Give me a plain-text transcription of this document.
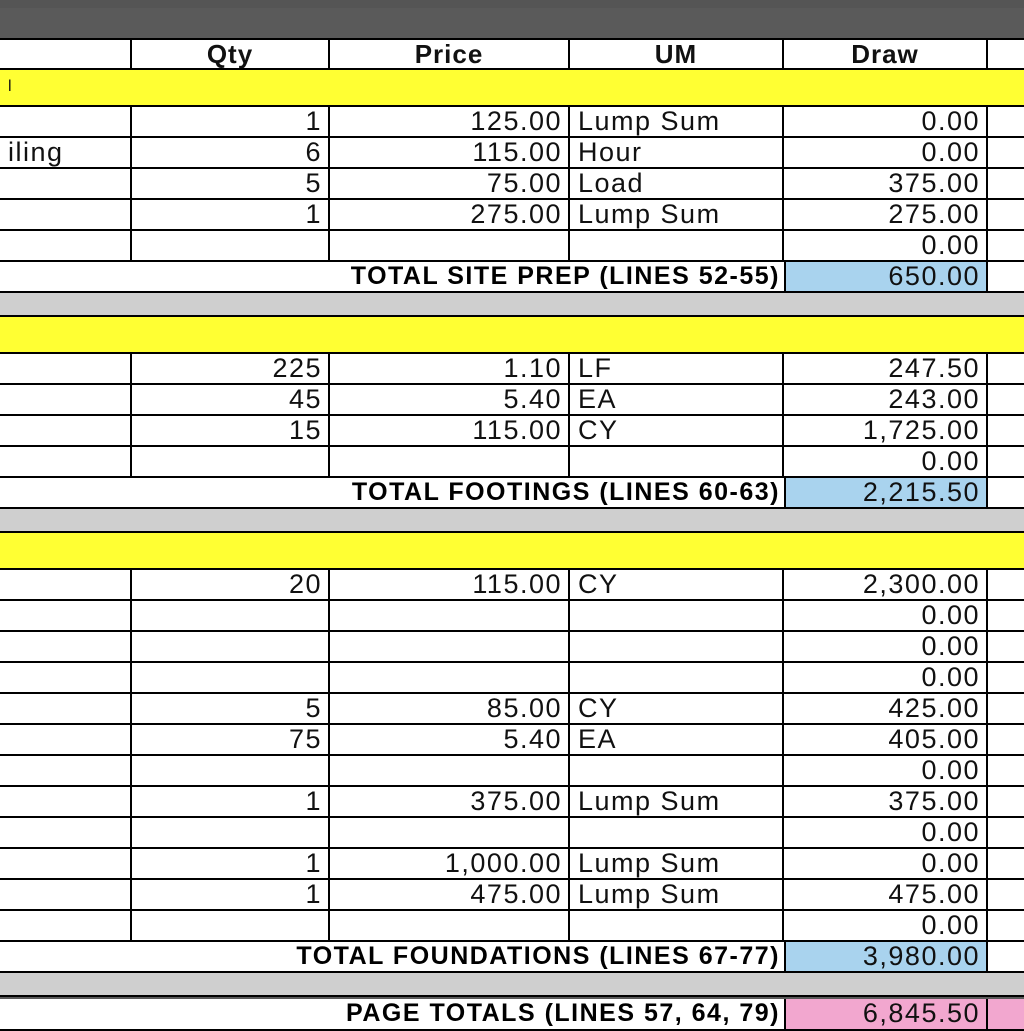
Qty	Price	UM	Draw
l
1	125.00 Lump Sum	0.00
iling	6	115.00 Hour	0.00
5	75.00 Load	375.00
1	275.00 Lump Sum	275.00
0.00
TOTAL SITE PREP (LINES 52-55)	650.00
225	1.10 LF	247.50
45	5.40 EA	243.00
15	115.00 CY	1,725.00
0.00
TOTAL FOOTINGS (LINES 60-63)	2,215.50
20	115.00 CY	2,300.00
0.00
0.00
0.00
5	85.00 CY	425.00
75	5.40 EA	405.00
0.00
1	375.00 Lump Sum	375.00
0.00
1	1,000.00 Lump Sum	0.00
1	475.00 Lump Sum	475.00
0.00
TOTAL FOUNDATIONS (LINES 67-77)	3,980.00
PAGE TOTALS (LINES 57, 64, 79)	6,845.50
